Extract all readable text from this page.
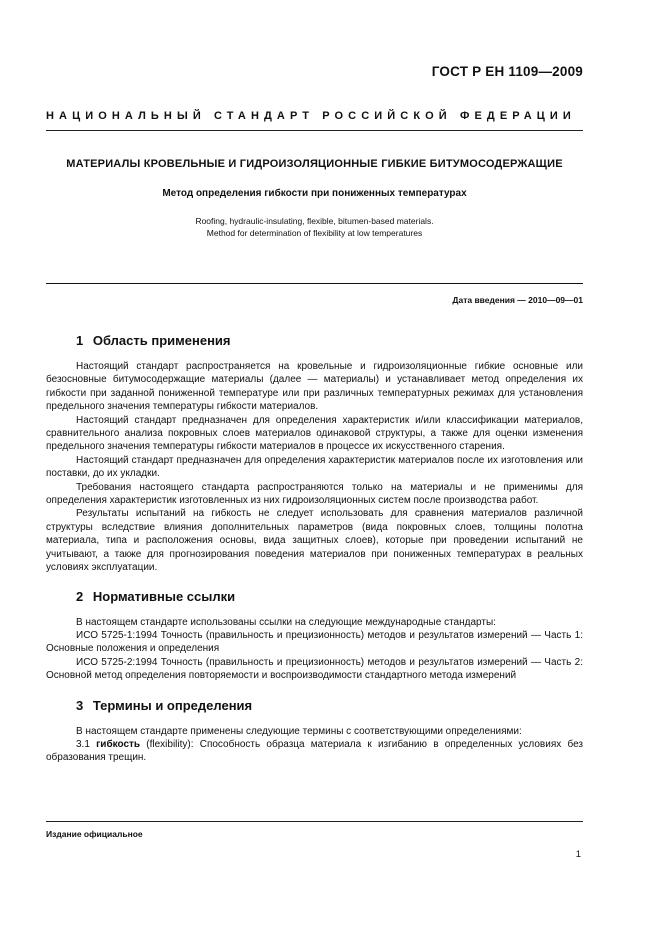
ГОСТ Р ЕН 1109—2009
НАЦИОНАЛЬНЫЙ СТАНДАРТ РОССИЙСКОЙ ФЕДЕРАЦИИ
МАТЕРИАЛЫ КРОВЕЛЬНЫЕ И ГИДРОИЗОЛЯЦИОННЫЕ ГИБКИЕ БИТУМОСОДЕРЖАЩИЕ
Метод определения гибкости при пониженных температурах
Roofing, hydraulic-insulating, flexible, bitumen-based materials.
Method for determination of flexibility at low temperatures
Дата введения — 2010—09—01
1 Область применения

Настоящий стандарт распространяется на кровельные и гидроизоляционные гибкие основные или безосновные битумосодержащие материалы (далее — материалы) и устанавливает метод определения их гибкости при заданной пониженной температуре или при различных температурных режимах для установления предельного значения температуры гибкости материалов.

Настоящий стандарт предназначен для определения характеристик и/или классификации материалов, сравнительного анализа покровных слоев материалов одинаковой структуры, а также для оценки изменения предельного значения температуры гибкости материалов в процессе их искусственного старения.

Настоящий стандарт предназначен для определения характеристик материалов после их изготовления или поставки, до их укладки.

Требования настоящего стандарта распространяются только на материалы и не применимы для определения характеристик изготовленных из них гидроизоляционных систем после производства работ.

Результаты испытаний на гибкость не следует использовать для сравнения материалов различной структуры вследствие влияния дополнительных параметров (вида покровных слоев, толщины полотна материала, типа и расположения основы, вида защитных слоев), которые при проведении испытаний не учитывают, а также для прогнозирования поведения материалов при пониженных температурах в реальных условиях эксплуатации.

2 Нормативные ссылки

В настоящем стандарте использованы ссылки на следующие международные стандарты:

ИСО 5725-1:1994 Точность (правильность и прецизионность) методов и результатов измерений — Часть 1: Основные положения и определения

ИСО 5725-2:1994 Точность (правильность и прецизионность) методов и результатов измерений — Часть 2: Основной метод определения повторяемости и воспроизводимости стандартного метода измерений

3 Термины и определения

В настоящем стандарте применены следующие термины с соответствующими определениями:

3.1 гибкость (flexibility): Способность образца материала к изгибанию в определенных условиях без образования трещин.

Издание официальное
1
